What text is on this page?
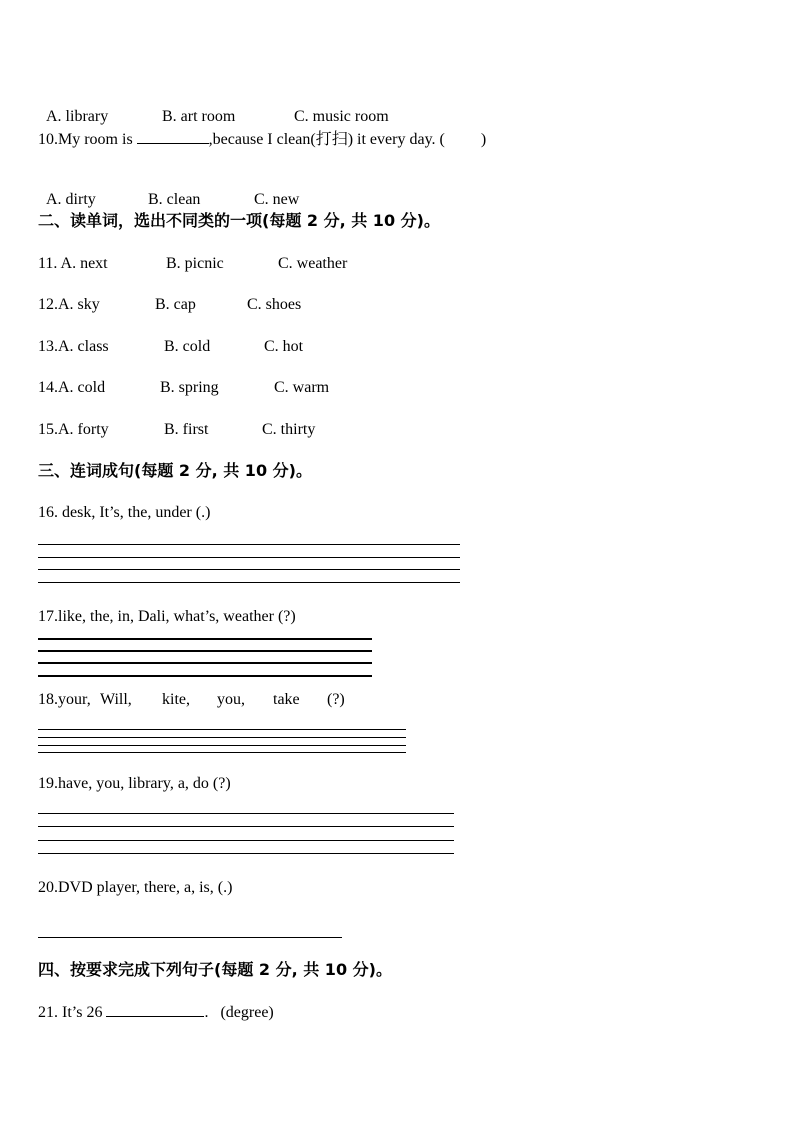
A. library	B. art room	C. music room

10.My room is	,because I clean(打扫) it every day. ( )

A. dirty	B. clean	C. new

二、读单词，选出不同类的一项(每题 2 分, 共 10 分)。
11. A. next	B. picnic	C. weather
12.A. sky	B. cap	C. shoes
13.A. class	B. cold	C. hot
14.A. cold	B. spring	C. warm
15.A. forty	B. first	C. thirty
三、连词成句(每题 2 分, 共 10 分)。
16. desk, It’s, the, under (.)
17.like, the, in, Dali, what’s, weather (?)
18.your, Will, kite, you, take (?)
19.have, you, library, a, do (?)
20.DVD player, there, a, is, (.)
四、按要求完成下列句子(每题 2 分, 共 10 分)。
21. It’s 26	.   (degree)
